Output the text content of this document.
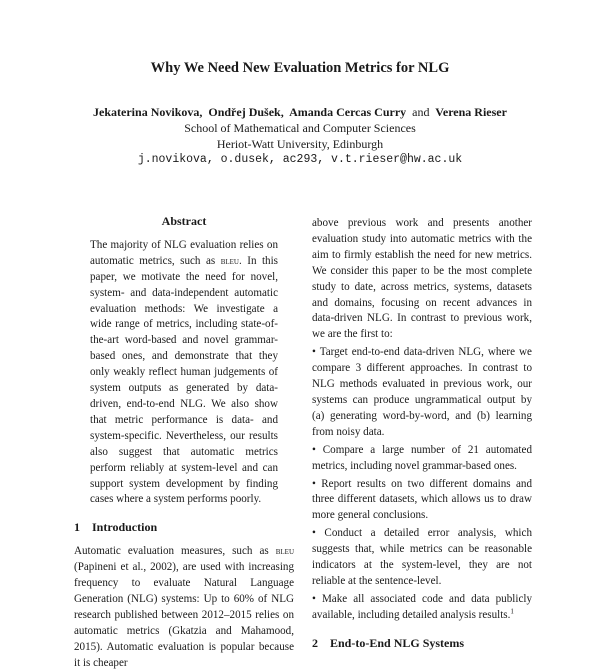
Why We Need New Evaluation Metrics for NLG
Jekaterina Novikova, Ondřej Dušek, Amanda Cercas Curry and Verena Rieser
School of Mathematical and Computer Sciences
Heriot-Watt University, Edinburgh
j.novikova, o.dusek, ac293, v.t.rieser@hw.ac.uk
Abstract
The majority of NLG evaluation relies on automatic metrics, such as bleu. In this paper, we motivate the need for novel, system- and data-independent automatic evaluation methods: We investigate a wide range of metrics, including state-of-the-art word-based and novel grammar-based ones, and demonstrate that they only weakly reflect human judgements of system outputs as generated by data-driven, end-to-end NLG. We also show that metric performance is data- and system-specific. Nevertheless, our results also suggest that automatic metrics perform reliably at system-level and can support system development by finding cases where a system performs poorly.
1 Introduction

Automatic evaluation measures, such as bleu (Papineni et al., 2002), are used with increasing frequency to evaluate Natural Language Generation (NLG) systems: Up to 60% of NLG research published between 2012–2015 relies on automatic metrics (Gkatzia and Mahamood, 2015). Automatic evaluation is popular because it is cheaper

above previous work and presents another evaluation study into automatic metrics with the aim to firmly establish the need for new metrics. We consider this paper to be the most complete study to date, across metrics, systems, datasets and domains, focusing on recent advances in data-driven NLG. In contrast to previous work, we are the first to:

• Target end-to-end data-driven NLG, where we compare 3 different approaches. In contrast to NLG methods evaluated in previous work, our systems can produce ungrammatical output by (a) generating word-by-word, and (b) learning from noisy data.
• Compare a large number of 21 automated metrics, including novel grammar-based ones.
• Report results on two different domains and three different datasets, which allows us to draw more general conclusions.
• Conduct a detailed error analysis, which suggests that, while metrics can be reasonable indicators at the system-level, they are not reliable at the sentence-level.
• Make all associated code and data publicly available, including detailed analysis results.$^1$
2 End-to-End NLG Systems
